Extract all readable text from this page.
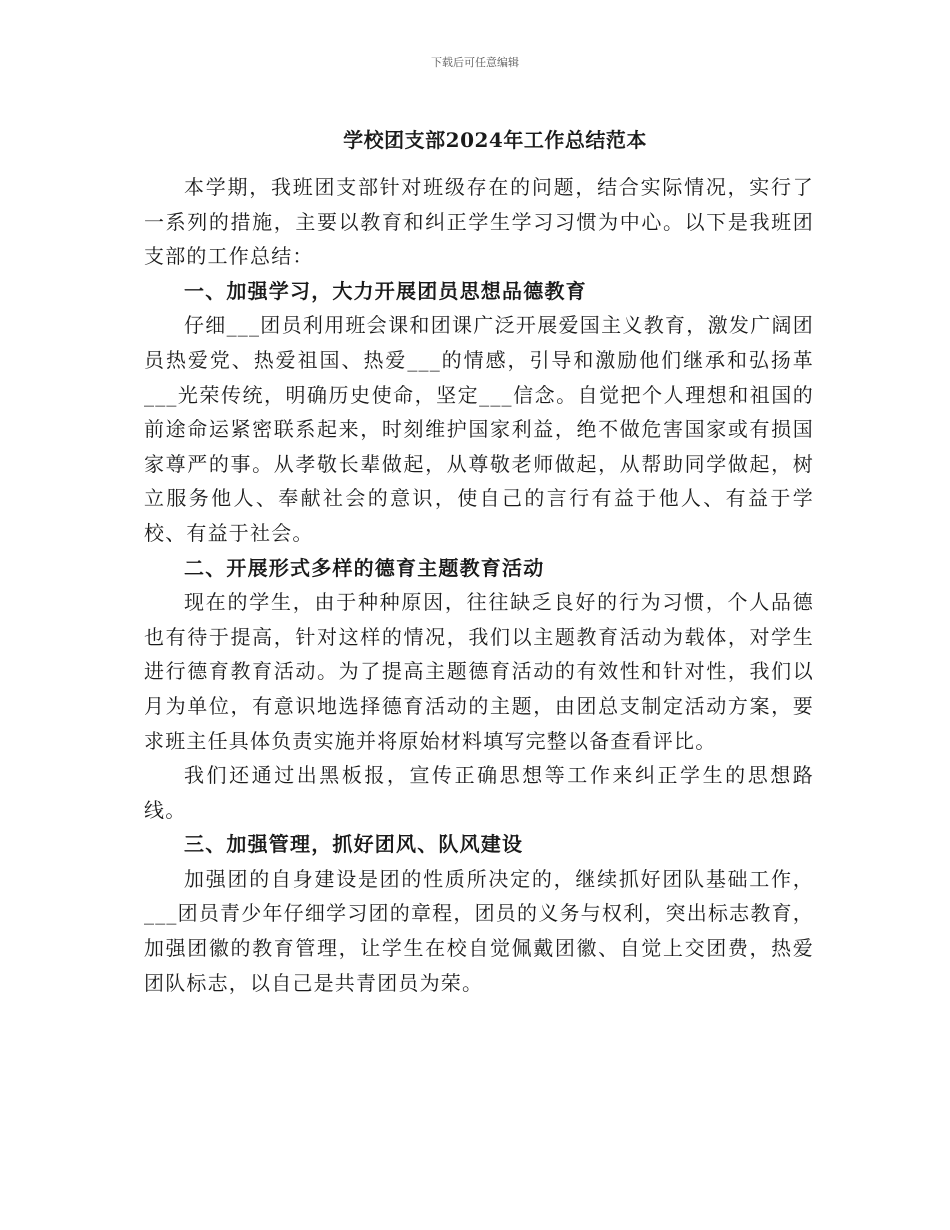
下载后可任意编辑
学校团支部2024年工作总结范本

本学期，我班团支部针对班级存在的问题，结合实际情况，实行了一系列的措施，主要以教育和纠正学生学习习惯为中心。以下是我班团支部的工作总结：

一、加强学习，大力开展团员思想品德教育

仔细___团员利用班会课和团课广泛开展爱国主义教育，激发广阔团员热爱党、热爱祖国、热爱___的情感，引导和激励他们继承和弘扬革___光荣传统，明确历史使命，坚定___信念。自觉把个人理想和祖国的前途命运紧密联系起来，时刻维护国家利益，绝不做危害国家或有损国家尊严的事。从孝敬长辈做起，从尊敬老师做起，从帮助同学做起，树立服务他人、奉献社会的意识，使自己的言行有益于他人、有益于学校、有益于社会。

二、开展形式多样的德育主题教育活动

现在的学生，由于种种原因，往往缺乏良好的行为习惯，个人品德也有待于提高，针对这样的情况，我们以主题教育活动为载体，对学生进行德育教育活动。为了提高主题德育活动的有效性和针对性，我们以月为单位，有意识地选择德育活动的主题，由团总支制定活动方案，要求班主任具体负责实施并将原始材料填写完整以备查看评比。

我们还通过出黑板报，宣传正确思想等工作来纠正学生的思想路线。

三、加强管理，抓好团风、队风建设

加强团的自身建设是团的性质所决定的，继续抓好团队基础工作，___团员青少年仔细学习团的章程，团员的义务与权利，突出标志教育，加强团徽的教育管理，让学生在校自觉佩戴团徽、自觉上交团费，热爱团队标志，以自己是共青团员为荣。
